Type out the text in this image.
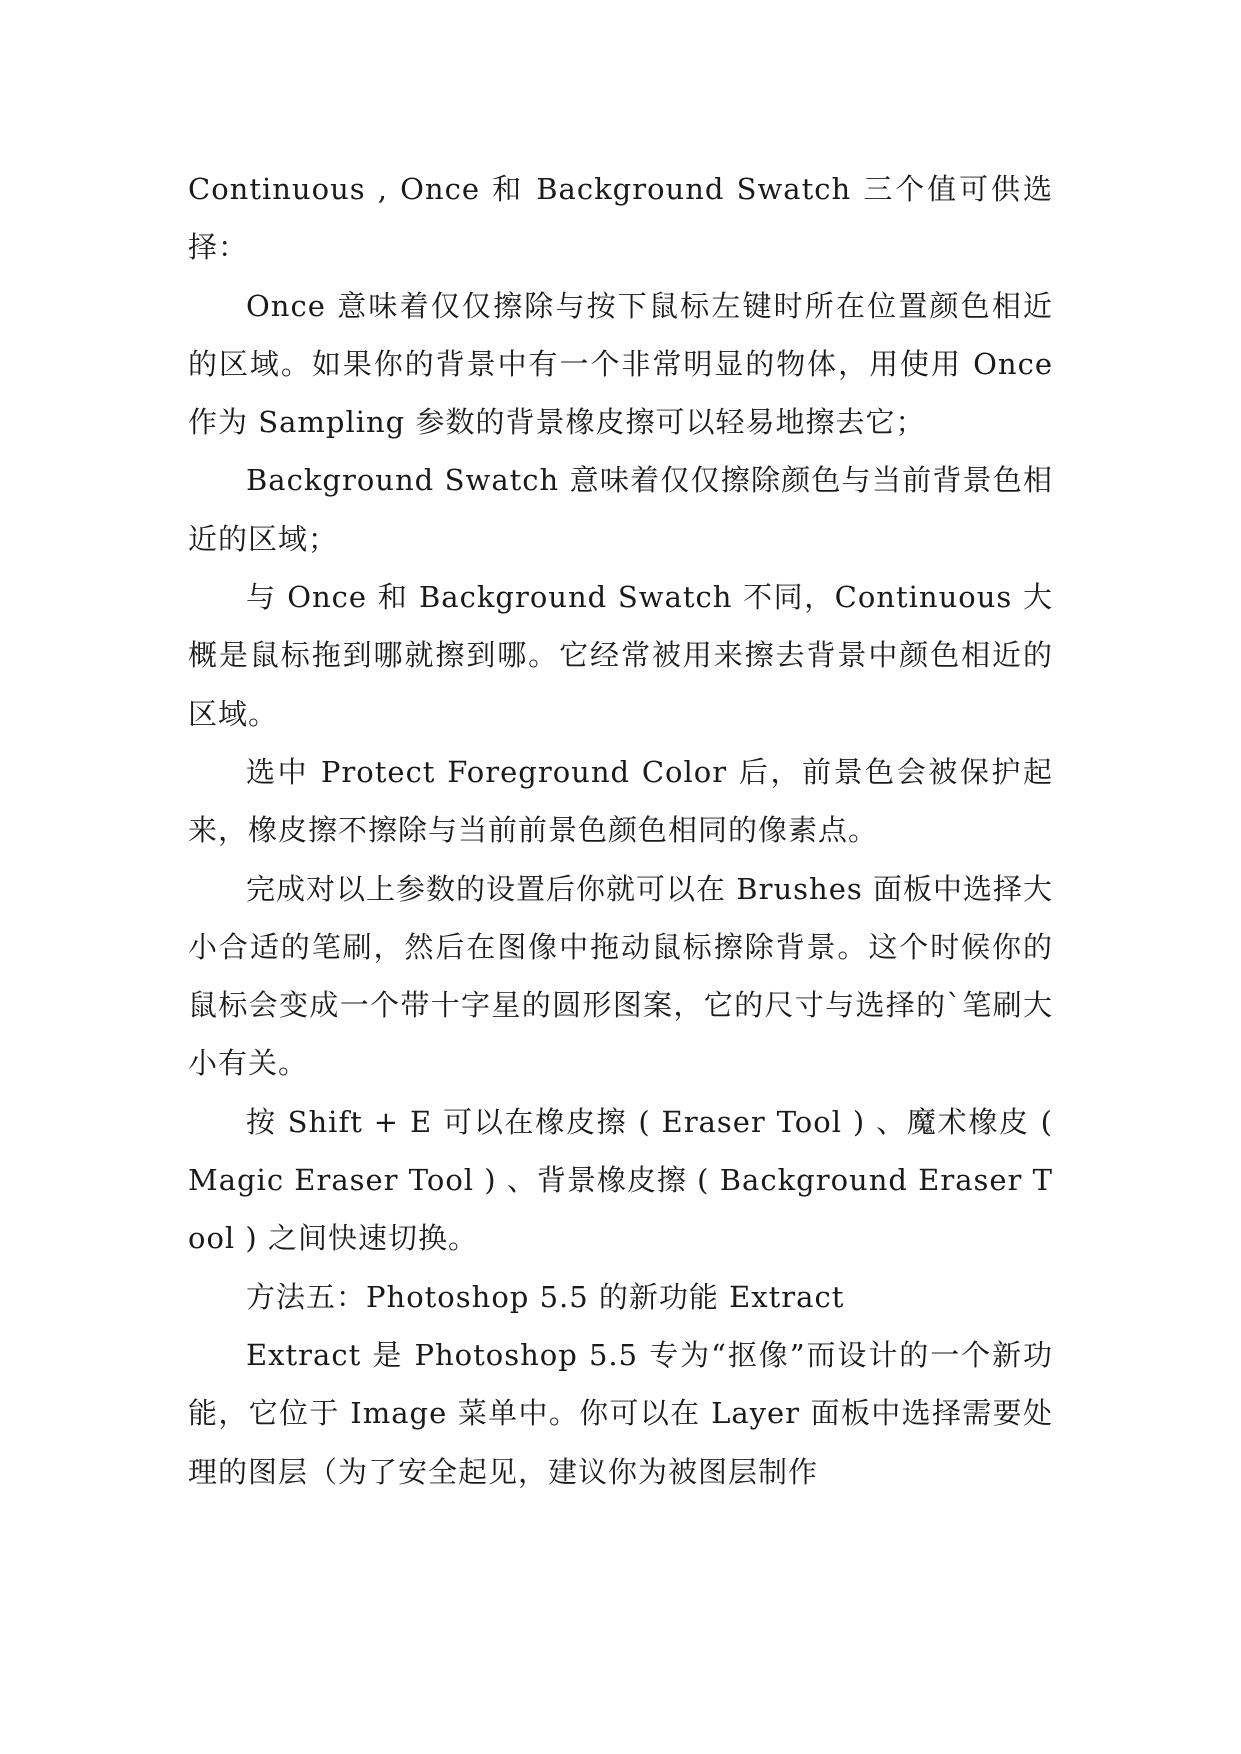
Continuous , Once 和 Background Swatch 三个值可供选择：

Once 意味着仅仅擦除与按下鼠标左键时所在位置颜色相近的区域。如果你的背景中有一个非常明显的物体，用使用 Once 作为 Sampling 参数的背景橡皮擦可以轻易地擦去它；

Background Swatch 意味着仅仅擦除颜色与当前背景色相近的区域；

与 Once 和 Background Swatch 不同，Continuous 大概是鼠标拖到哪就擦到哪。它经常被用来擦去背景中颜色相近的区域。

选中 Protect Foreground Color 后，前景色会被保护起来，橡皮擦不擦除与当前前景色颜色相同的像素点。

完成对以上参数的设置后你就可以在 Brushes 面板中选择大小合适的笔刷，然后在图像中拖动鼠标擦除背景。这个时候你的鼠标会变成一个带十字星的圆形图案，它的尺寸与选择的`笔刷大小有关。

按 Shift + E 可以在橡皮擦 ( Eraser Tool ) 、魔术橡皮 ( Magic Eraser Tool ) 、背景橡皮擦 ( Background Eraser Tool ) 之间快速切换。

方法五：Photoshop 5.5 的新功能 Extract

Extract 是 Photoshop 5.5 专为“抠像”而设计的一个新功能，它位于 Image 菜单中。你可以在 Layer 面板中选择需要处理的图层（为了安全起见，建议你为被图层制作
